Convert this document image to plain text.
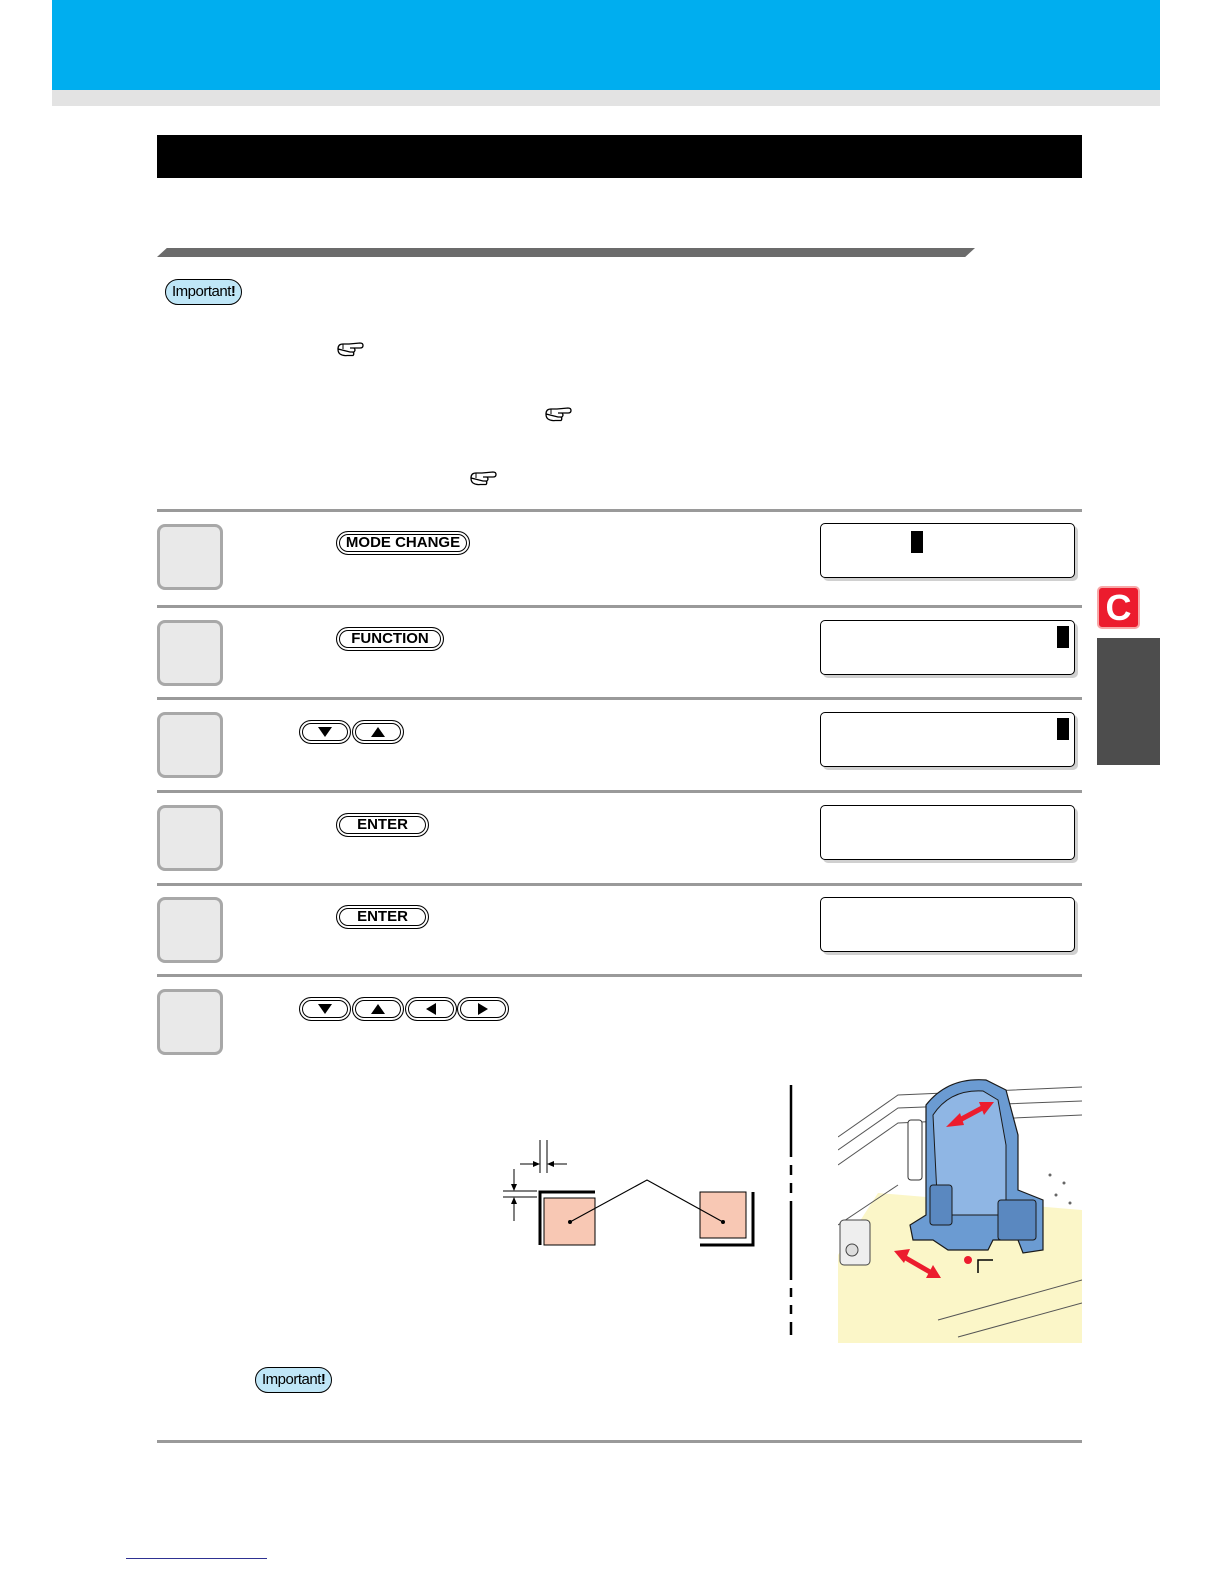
Important!
MODE CHANGE
FUNCTION
ENTER
ENTER
Important!
C
